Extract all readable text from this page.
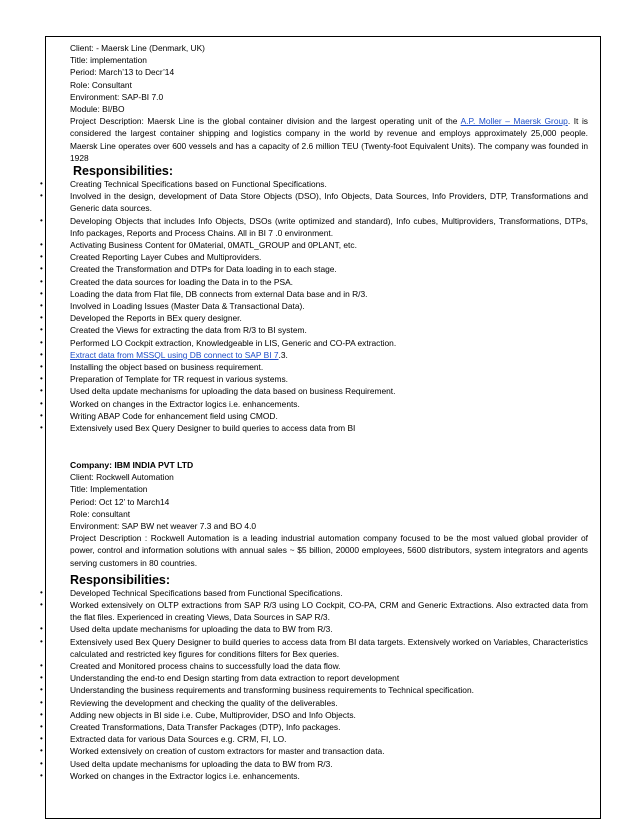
Client: - Maersk Line (Denmark, UK)
Title: implementation
Period: March’13 to Decr’14
Role: Consultant
Environment: SAP-BI 7.0
Module: BI/BO
Project Description: Maersk Line is the global container division and the largest operating unit of the A.P. Moller – Maersk Group. It is considered the largest container shipping and logistics company in the world by revenue and employs approximately 25,000 people. Maersk Line operates over 600 vessels and has a capacity of 2.6 million TEU (Twenty-foot Equivalent Units). The company was founded in 1928
Responsibilities:
•	Creating Technical Specifications based on Functional Specifications.
•	Involved in the design, development of Data Store Objects (DSO), Info Objects, Data Sources, Info Providers, DTP, Transformations and Generic data sources.
•	Developing Objects that includes Info Objects, DSOs (write optimized and standard), Info cubes, Multiproviders, Transformations, DTPs, Info packages, Reports and Process Chains. All in BI 7 .0 environment.
•	Activating Business Content for 0Material, 0MATL_GROUP and 0PLANT, etc.
•	Created Reporting Layer Cubes and Multiproviders.
•	Created the Transformation and DTPs for Data loading in to each stage.
•	Created the data sources for loading the Data in to the PSA.
•	Loading the data from Flat file, DB connects from external Data base and in R/3.
•	Involved in Loading Issues (Master Data & Transactional Data).
•	Developed the Reports in BEx query designer.
•	Created the Views for extracting the data from R/3 to BI system.
•	Performed LO Cockpit extraction, Knowledgeable in LIS, Generic and CO-PA extraction.
•	Extract data from MSSQL using DB connect to SAP BI 7.3.
•	Installing the object based on business requirement.
•	Preparation of Template for TR request in various systems.
•	Used delta update mechanisms for uploading the data based on business Requirement.
•	Worked on changes in the Extractor logics i.e. enhancements.
•	Writing ABAP Code for enhancement field using CMOD.
•	Extensively used Bex Query Designer to build queries to access data from BI
Company: IBM INDIA PVT LTD
Client: Rockwell Automation
Title: Implementation
Period: Oct 12’ to March14
Role: consultant
Environment: SAP BW net weaver 7.3 and BO 4.0
Project Description : Rockwell Automation is a leading industrial automation company focused to be the most valued global provider of power, control and information solutions with annual sales ~ $5 billion, 20000 employees, 5600 distributors, system integrators and agents serving customers in 80 countries.
Responsibilities:
•	Developed Technical Specifications based from Functional Specifications.
•	Worked extensively on OLTP extractions from SAP R/3 using LO Cockpit, CO-PA, CRM and Generic Extractions. Also extracted data from the flat files. Experienced in creating Views, Data Sources in SAP R/3.
•	Used delta update mechanisms for uploading the data to BW from R/3.
•	Extensively used Bex Query Designer to build queries to access data from BI data targets. Extensively worked on Variables, Characteristics calculated and restricted key figures for conditions filters for Bex queries.
•	Created and Monitored process chains to successfully load the data flow.
•	Understanding the end-to end Design starting from data extraction to report development
•	Understanding the business requirements and transforming business requirements to Technical specification.
•	Reviewing the development and checking the quality of the deliverables.
•	Adding new objects in BI side i.e. Cube, Multiprovider, DSO and Info Objects.
•	Created Transformations, Data Transfer Packages (DTP), Info packages.
•	Extracted data for various Data Sources e.g. CRM, FI, LO.
•	Worked extensively on creation of custom extractors for master and transaction data.
•	Used delta update mechanisms for uploading the data to BW from R/3.
•	Worked on changes in the Extractor logics i.e. enhancements.
